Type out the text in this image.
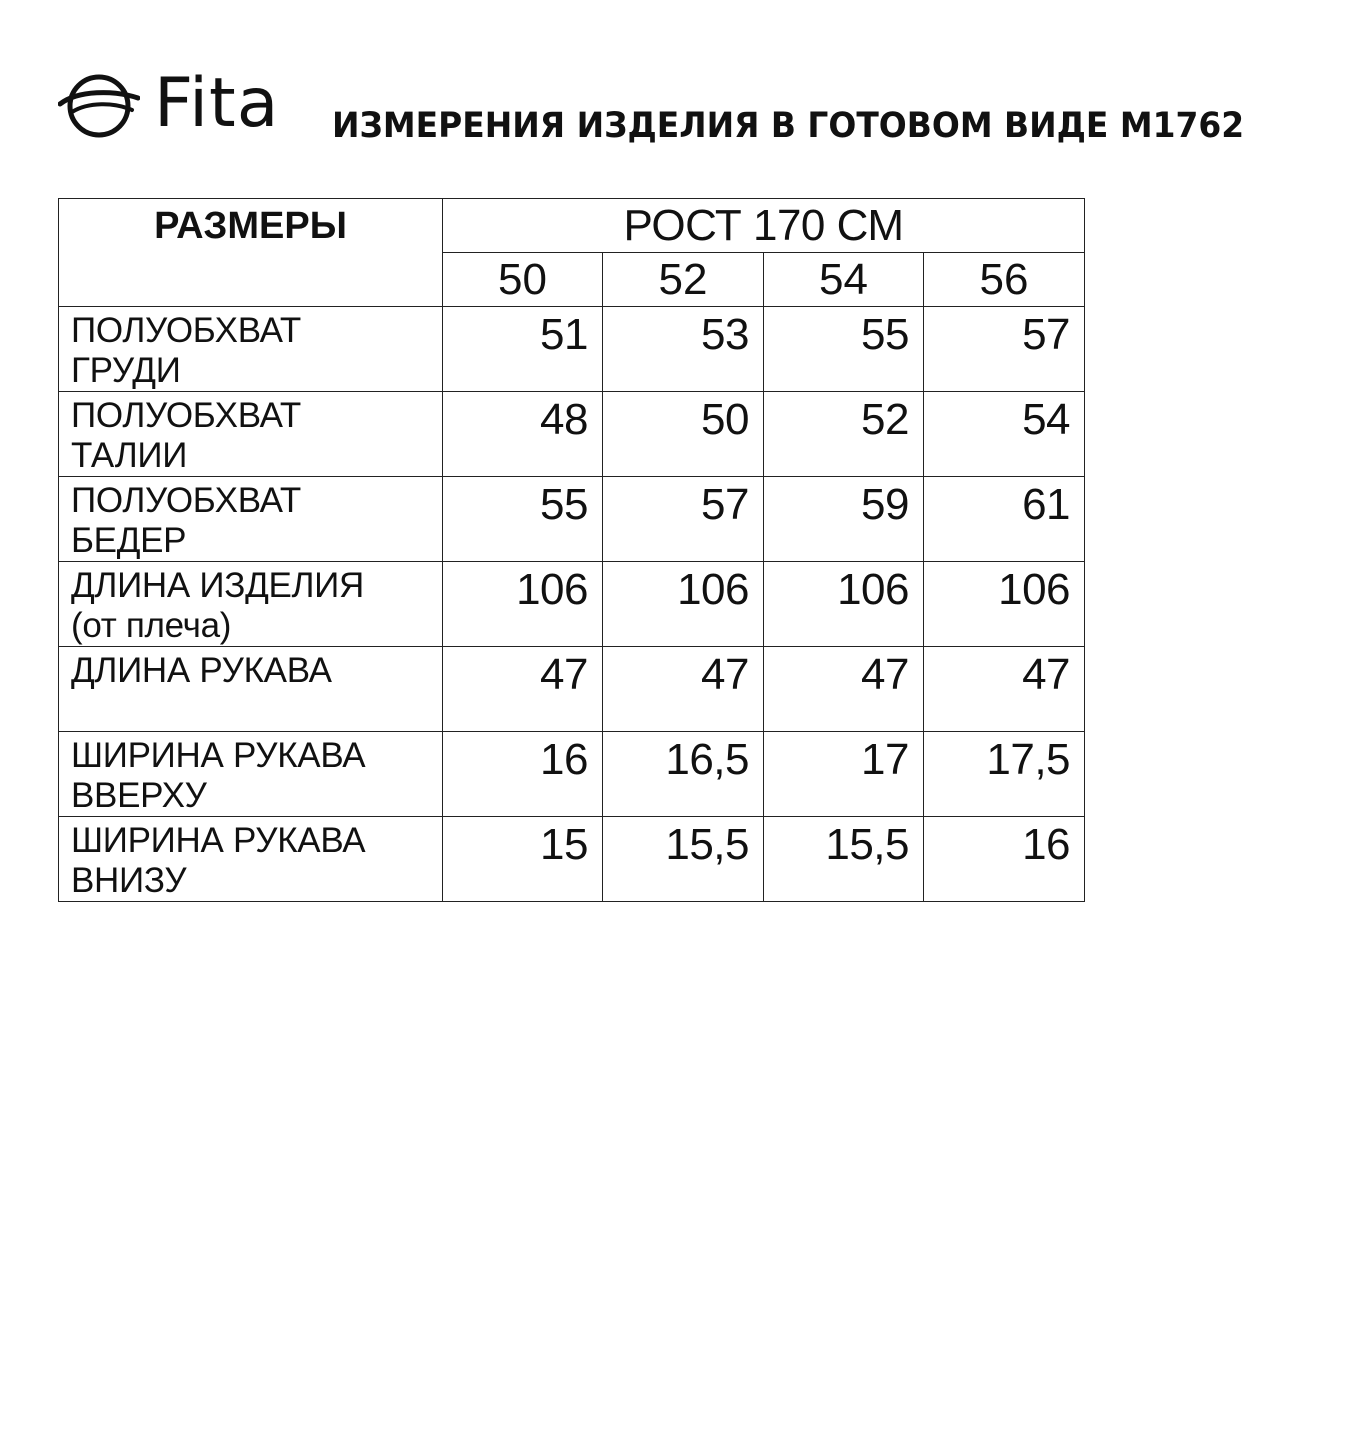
Fita ИЗМЕРЕНИЯ ИЗДЕЛИЯ В ГОТОВОМ ВИДЕ М1762
РАЗМЕРЫ	РОСТ 170 СМ			
	50	52	54	56

ПОЛУОБХВАТ
ГРУДИ	51	53	55	57

ПОЛУОБХВАТ
ТАЛИИ	48	50	52	54

ПОЛУОБХВАТ
БЕДЕР	55	57	59	61

ДЛИНА ИЗДЕЛИЯ
(от плеча)	106	106	106	106

ДЛИНА РУКАВА	47	47	47	47

ШИРИНА РУКАВА
ВВЕРХУ	16	16,5	17	17,5

ШИРИНА РУКАВА
ВНИЗУ	15	15,5	15,5	16
